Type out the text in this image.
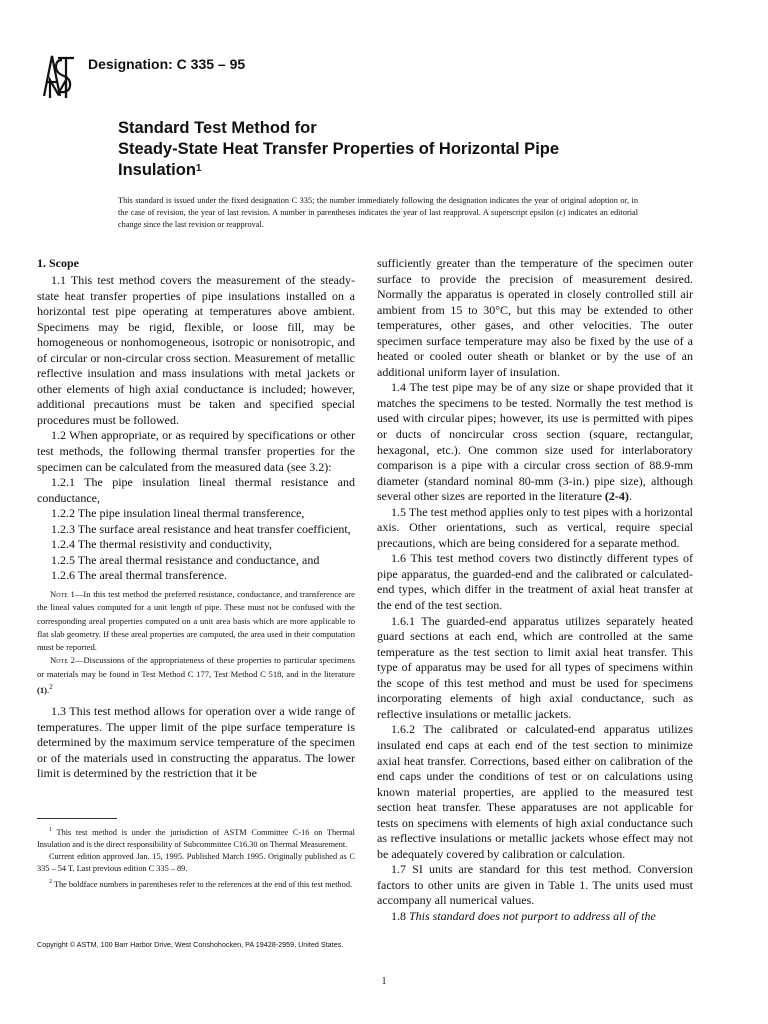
ASTM
Designation: C 335 – 95
Standard Test Method for
Steady-State Heat Transfer Properties of Horizontal Pipe
Insulation$^1$
This standard is issued under the fixed designation C 335; the number immediately following the designation indicates the year of original adoption or, in the case of revision, the year of last revision. A number in parentheses indicates the year of last reapproval. A superscript epsilon (ε) indicates an editorial change since the last revision or reapproval.
1. Scope

1.1 This test method covers the measurement of the steady-state heat transfer properties of pipe insulations installed on a horizontal test pipe operating at temperatures above ambient. Specimens may be rigid, flexible, or loose fill, may be homogeneous or nonhomogeneous, isotropic or nonisotropic, and of circular or non-circular cross section. Measurement of metallic reflective insulation and mass insulations with metal jackets or other elements of high axial conductance is included; however, additional precautions must be taken and specified special procedures must be followed.

1.2 When appropriate, or as required by specifications or other test methods, the following thermal transfer properties for the specimen can be calculated from the measured data (see 3.2):

1.2.1 The pipe insulation lineal thermal resistance and conductance,

1.2.2 The pipe insulation lineal thermal transference,

1.2.3 The surface areal resistance and heat transfer coefficient,

1.2.4 The thermal resistivity and conductivity,

1.2.5 The areal thermal resistance and conductance, and

1.2.6 The areal thermal transference.

Note 1—In this test method the preferred resistance, conductance, and transference are the lineal values computed for a unit length of pipe. These must not be confused with the corresponding areal properties computed on a unit area basis which are more applicable to flat slab geometry. If these areal properties are computed, the area used in their computation must be reported.

Note 2—Discussions of the appropriateness of these properties to particular specimens or materials may be found in Test Method C 177, Test Method C 518, and in the literature (1).$^2$

1.3 This test method allows for operation over a wide range of temperatures. The upper limit of the pipe surface temperature is determined by the maximum service temperature of the specimen or of the materials used in constructing the apparatus. The lower limit is determined by the restriction that it be

$^1$ This test method is under the jurisdiction of ASTM Committee C-16 on Thermal Insulation and is the direct responsibility of Subcommittee C16.30 on Thermal Measurement.

Current edition approved Jan. 15, 1995. Published March 1995. Originally published as C 335 – 54 T. Last previous edition C 335 – 89.

$^2$ The boldface numbers in parentheses refer to the references at the end of this test method.

sufficiently greater than the temperature of the specimen outer surface to provide the precision of measurement desired. Normally the apparatus is operated in closely controlled still air ambient from 15 to 30°C, but this may be extended to other temperatures, other gases, and other velocities. The outer specimen surface temperature may also be fixed by the use of a heated or cooled outer sheath or blanket or by the use of an additional uniform layer of insulation.

1.4 The test pipe may be of any size or shape provided that it matches the specimens to be tested. Normally the test method is used with circular pipes; however, its use is permitted with pipes or ducts of noncircular cross section (square, rectangular, hexagonal, etc.). One common size used for interlaboratory comparison is a pipe with a circular cross section of 88.9-mm diameter (standard nominal 80-mm (3-in.) pipe size), although several other sizes are reported in the literature (2-4).

1.5 The test method applies only to test pipes with a horizontal axis. Other orientations, such as vertical, require special precautions, which are being considered for a separate method.

1.6 This test method covers two distinctly different types of pipe apparatus, the guarded-end and the calibrated or calculated-end types, which differ in the treatment of axial heat transfer at the end of the test section.

1.6.1 The guarded-end apparatus utilizes separately heated guard sections at each end, which are controlled at the same temperature as the test section to limit axial heat transfer. This type of apparatus may be used for all types of specimens within the scope of this test method and must be used for specimens incorporating elements of high axial conductance, such as reflective insulations or metallic jackets.

1.6.2 The calibrated or calculated-end apparatus utilizes insulated end caps at each end of the test section to minimize axial heat transfer. Corrections, based either on calibration of the end caps under the conditions of test or on calculations using known material properties, are applied to the measured test section heat transfer. These apparatuses are not applicable for tests on specimens with elements of high axial conductance such as reflective insulations or metallic jackets whose effect may not be adequately covered by calibration or calculation.

1.7 SI units are standard for this test method. Conversion factors to other units are given in Table 1. The units used must accompany all numerical values.

1.8 This standard does not purport to address all of the

Copyright © ASTM, 100 Barr Harbor Drive, West Conshohocken, PA 19428-2959, United States.
1
